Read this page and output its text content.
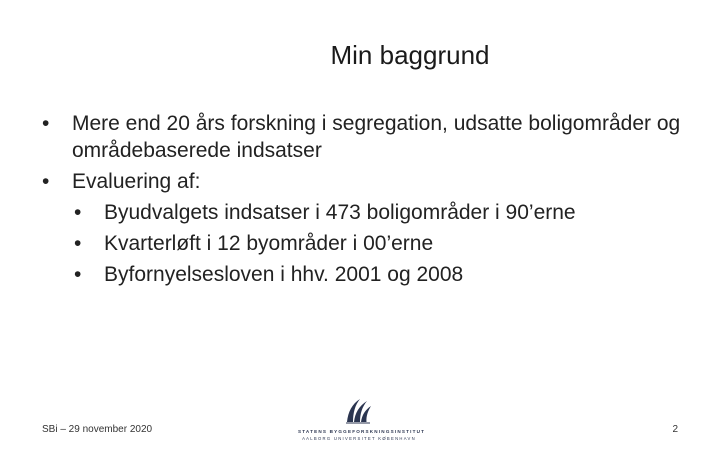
Min baggrund
•	Mere end 20 års forskning i segregation, udsatte boligområder og områdebaserede indsatser
•	Evaluering af:
•	Byudvalgets indsatser i 473 boligområder i 90’erne
•	Kvarterløft i 12 byområder i 00’erne
•	Byfornyelsesloven i hhv. 2001 og 2008
SBi – 29 november 2020	STATENS BYGGEFORSKNINGSINSTITUT
AALBORG UNIVERSITET KØBENHAVN
2
